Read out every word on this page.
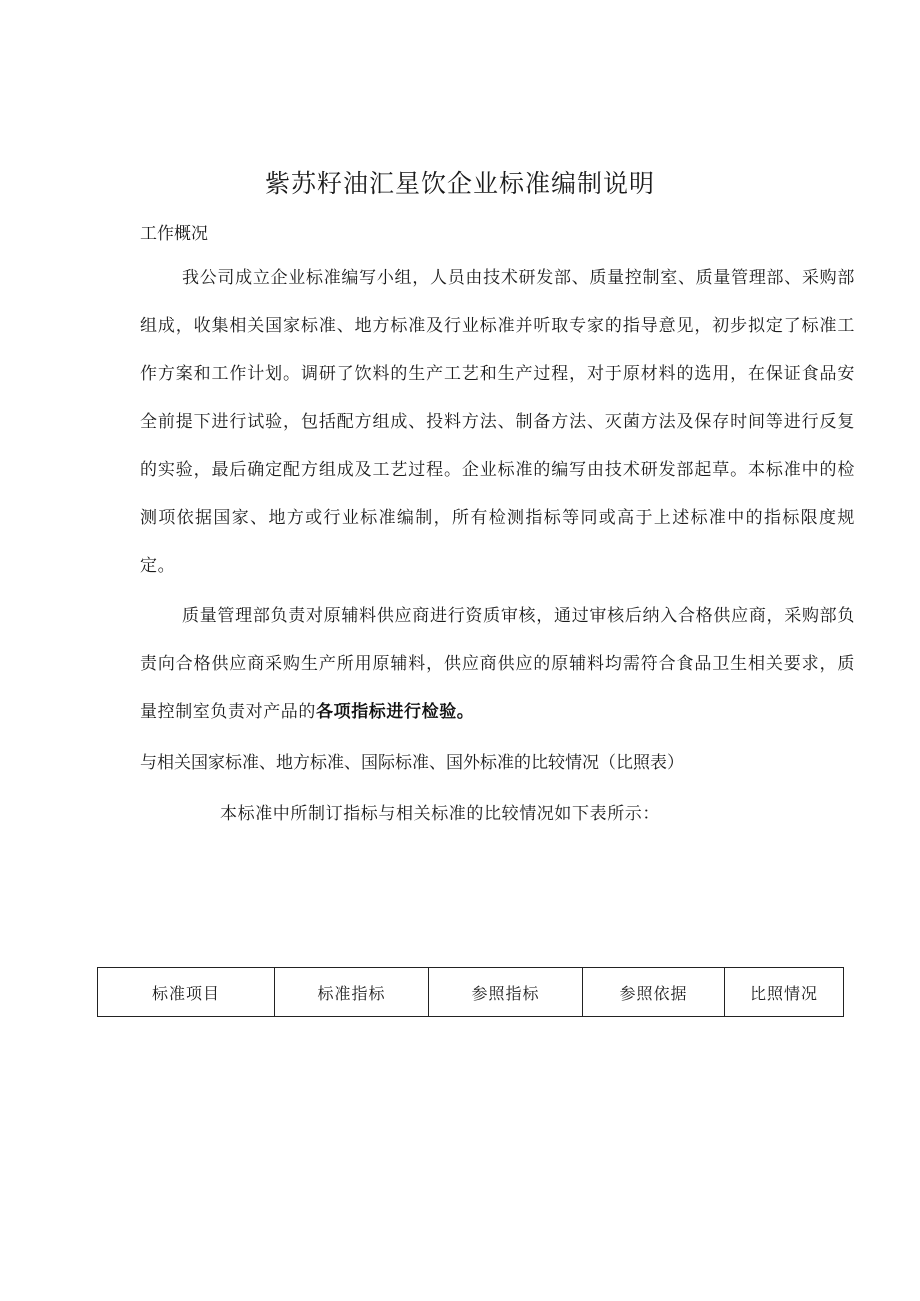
紫苏籽油汇星饮企业标准编制说明

工作概况

我公司成立企业标准编写小组，人员由技术研发部、质量控制室、质量管理部、采购部组成，收集相关国家标准、地方标准及行业标准并听取专家的指导意见，初步拟定了标准工作方案和工作计划。调研了饮料的生产工艺和生产过程，对于原材料的选用，在保证食品安全前提下进行试验，包括配方组成、投料方法、制备方法、灭菌方法及保存时间等进行反复的实验，最后确定配方组成及工艺过程。企业标准的编写由技术研发部起草。本标准中的检测项依据国家、地方或行业标准编制，所有检测指标等同或高于上述标准中的指标限度规定。

质量管理部负责对原辅料供应商进行资质审核，通过审核后纳入合格供应商，采购部负责向合格供应商采购生产所用原辅料，供应商供应的原辅料均需符合食品卫生相关要求，质量控制室负责对产品的各项指标进行检验。

与相关国家标准、地方标准、国际标准、国外标准的比较情况（比照表）

本标准中所制订指标与相关标准的比较情况如下表所示：

标准项目	标准指标	参照指标	参照依据	比照情况
